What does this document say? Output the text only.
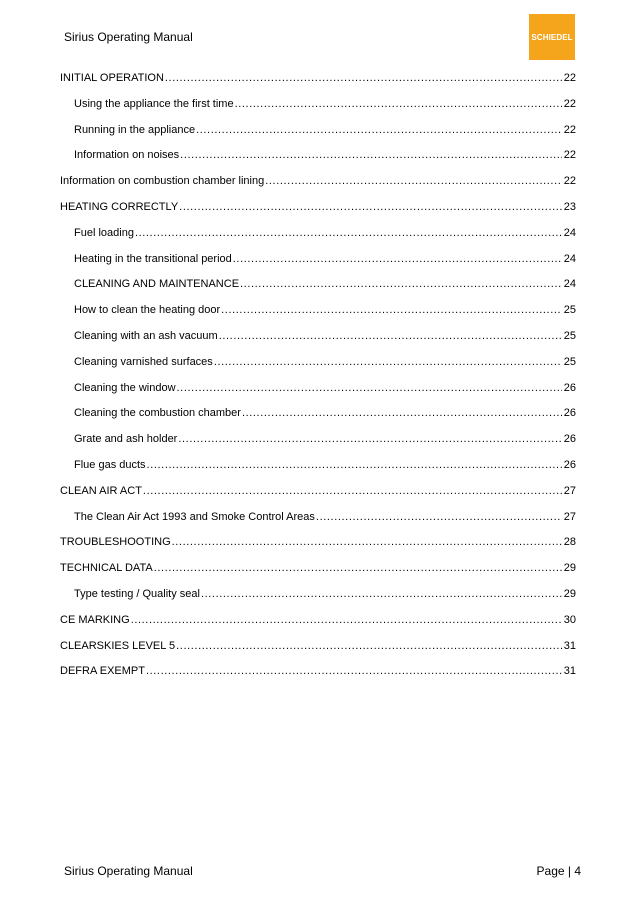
Sirius Operating Manual	SCHIEDEL
INITIAL OPERATION .....	22
Using the appliance the first time .....	22
Running in the appliance .....	22
Information on noises .....	22
Information on combustion chamber lining .....	22
HEATING CORRECTLY .....	23
Fuel loading .....	24
Heating in the transitional period .....	24
CLEANING AND MAINTENANCE .....	24
How to clean the heating door .....	25
Cleaning with an ash vacuum .....	25
Cleaning varnished surfaces .....	25
Cleaning the window .....	26
Cleaning the combustion chamber .....	26
Grate and ash holder .....	26
Flue gas ducts .....	26
CLEAN AIR ACT .....	27
The Clean Air Act 1993 and Smoke Control Areas .....	27
TROUBLESHOOTING .....	28
TECHNICAL DATA .....	29
Type testing / Quality seal .....	29
CE MARKING .....	30
CLEARSKIES LEVEL 5 .....	31
DEFRA EXEMPT .....	31
Sirius Operating Manual	Page | 4
